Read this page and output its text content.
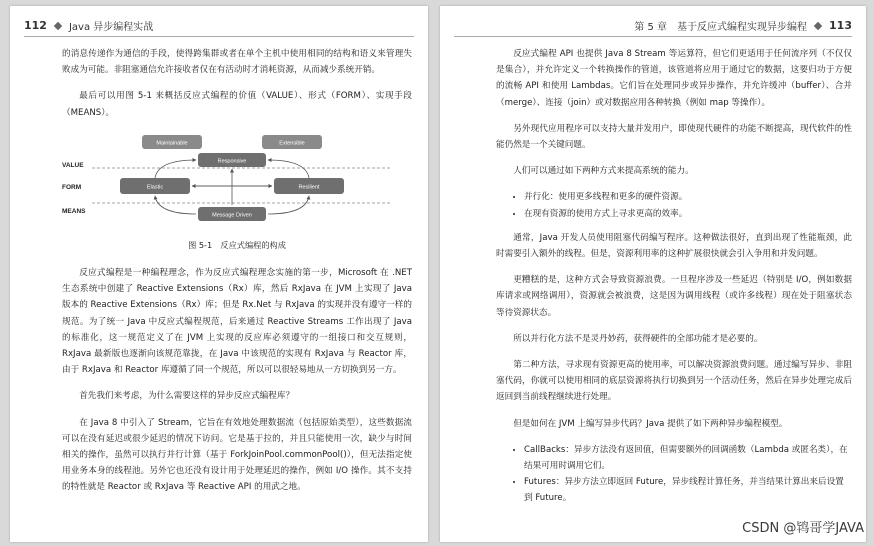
112 Java 异步编程实战

的消息传递作为通信的手段，使得跨集群或者在单个主机中使用相同的结构和语义来管理失败成为可能。非阻塞通信允许接收者仅在有活动时才消耗资源，从而减少系统开销。

最后可以用图 5-1 来概括反应式编程的价值（VALUE）、形式（FORM）、实现手段（MEANS）。

VALUE
FORM
MEANS
Maintainable	Extensible
Responsive
Elastic	Resilient
Message Driven
图 5-1　反应式编程的构成

反应式编程是一种编程理念，作为反应式编程理念实施的第一步，Microsoft 在 .NET 生态系统中创建了 Reactive Extensions（Rx）库，然后 RxJava 在 JVM 上实现了 Java 版本的 Reactive Extensions（Rx）库；但是 Rx.Net 与 RxJava 的实现并没有遵守一样的规范。为了统一 Java 中反应式编程规范，后来通过 Reactive Streams 工作出现了 Java 的标准化，这一规范定义了在 JVM 上实现的反应库必须遵守的一组接口和交互规则，RxJava 最新版也逐渐向该规范靠拢，在 Java 中该规范的实现有 RxJava 与 Reactor 库，由于 RxJava 和 Reactor 库遵循了同一个规范，所以可以很轻易地从一方切换到另一方。

首先我们来考虑，为什么需要这样的异步反应式编程库？

在 Java 8 中引入了 Stream，它旨在有效地处理数据流（包括原始类型），这些数据流可以在没有延迟或很少延迟的情况下访问。它是基于拉的，并且只能使用一次，缺少与时间相关的操作，虽然可以执行并行计算（基于 ForkJoinPool.commonPool()），但无法指定使用业务本身的线程池。另外它也还没有设计用于处理延迟的操作，例如 I/O 操作。其不支持的特性就是 Reactor 或 RxJava 等 Reactive API 的用武之地。

第 5 章　基于反应式编程实现异步编程 113

反应式编程 API 也提供 Java 8 Stream 等运算符，但它们更适用于任何流序列（不仅仅是集合），并允许定义一个转换操作的管道，该管道将应用于通过它的数据，这要归功于方便的流畅 API 和使用 Lambdas。它们旨在处理同步或异步操作，并允许缓冲（buffer）、合并（merge）、连接（join）或对数据应用各种转换（例如 map 等操作）。

另外现代应用程序可以支持大量并发用户，即使现代硬件的功能不断提高，现代软件的性能仍然是一个关键问题。

人们可以通过如下两种方式来提高系统的能力。

• 并行化：使用更多线程和更多的硬件资源。
• 在现有资源的使用方式上寻求更高的效率。

通常，Java 开发人员使用阻塞代码编写程序。这种做法很好，直到出现了性能瓶颈，此时需要引入额外的线程。但是，资源利用率的这种扩展很快就会引入争用和并发问题。

更糟糕的是，这种方式会导致资源浪费。一旦程序涉及一些延迟（特别是 I/O，例如数据库请求或网络调用），资源就会被浪费，这是因为调用线程（或许多线程）现在处于阻塞状态等待资源状态。

所以并行化方法不是灵丹妙药，获得硬件的全部功能才是必要的。

第二种方法，寻求现有资源更高的使用率，可以解决资源浪费问题。通过编写异步、非阻塞代码，你就可以使用相同的底层资源将执行切换到另一个活动任务，然后在异步处理完成后返回到当前线程继续进行处理。

但是如何在 JVM 上编写异步代码？Java 提供了如下两种异步编程模型。

• CallBacks：异步方法没有返回值，但需要额外的回调函数（Lambda 或匿名类），在结果可用时调用它们。
• Futures：异步方法立即返回 Future，异步线程计算任务，并当结果计算出来后设置到 Future。
CSDN @鸨哥学JAVA
